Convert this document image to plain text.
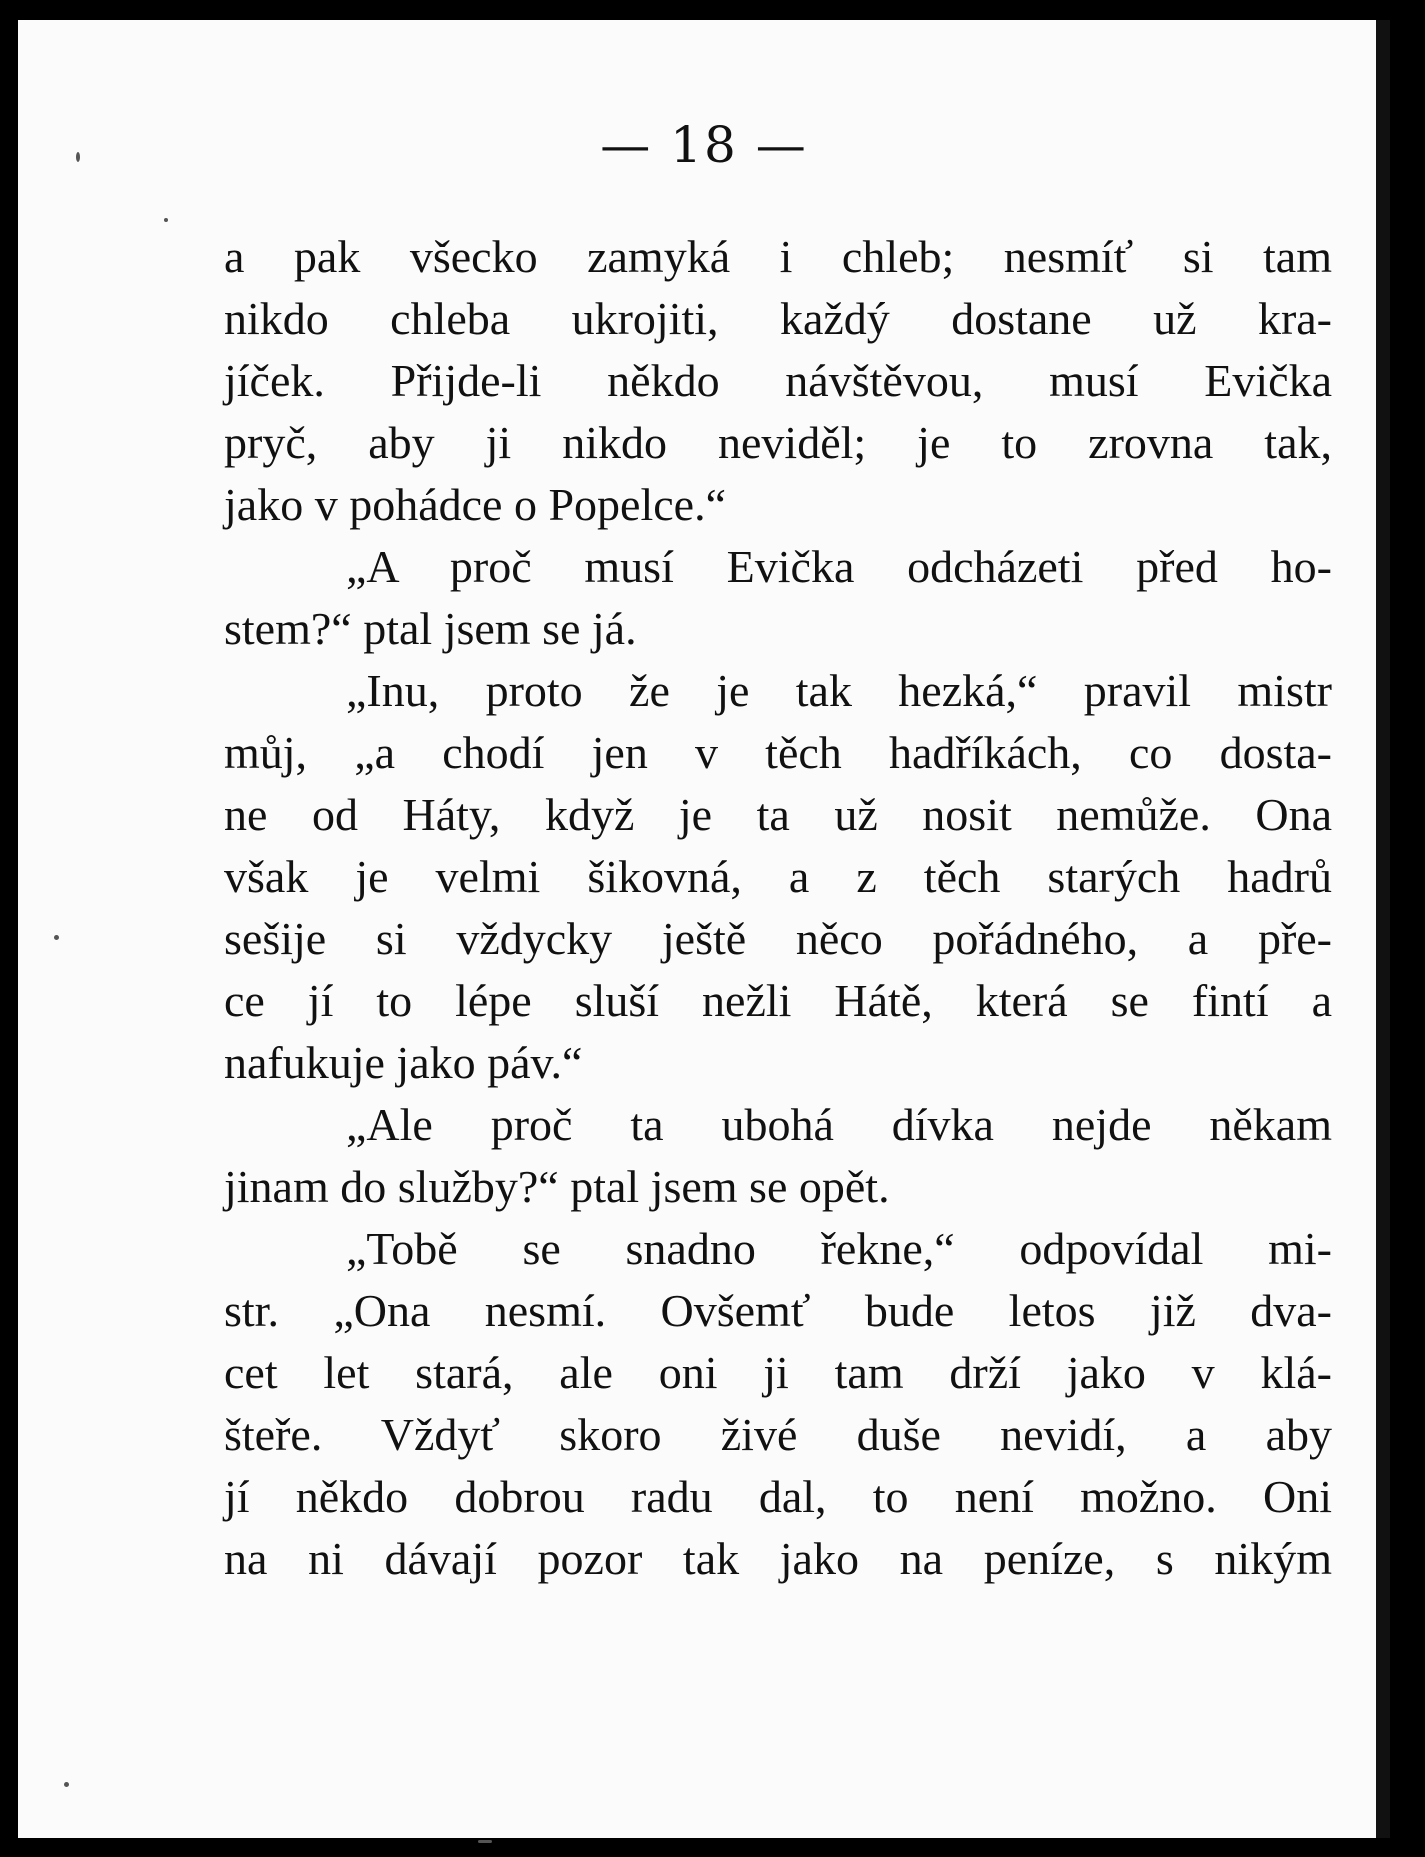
— 18 —
a pak všecko zamyká i chleb; nesmíť si tam
nikdo chleba ukrojiti, každý dostane už kra-
jíček. Přijde-li někdo návštěvou, musí Evička
pryč, aby ji nikdo neviděl; je to zrovna tak,
jako v pohádce o Popelce.“
„A proč musí Evička odcházeti před ho-
stem?“ ptal jsem se já.
„Inu, proto že je tak hezká,“ pravil mistr
můj, „a chodí jen v těch hadříkách, co dosta-
ne od Háty, když je ta už nosit nemůže. Ona
však je velmi šikovná, a z těch starých hadrů
sešije si vždycky ještě něco pořádného, a pře-
ce jí to lépe sluší nežli Hátě, která se fintí a
nafukuje jako páv.“
„Ale proč ta ubohá dívka nejde někam
jinam do služby?“ ptal jsem se opět.
„Tobě se snadno řekne,“ odpovídal mi-
str. „Ona nesmí. Ovšemť bude letos již dva-
cet let stará, ale oni ji tam drží jako v klá-
šteře. Vždyť skoro živé duše nevidí, a aby
jí někdo dobrou radu dal, to není možno. Oni
na ni dávají pozor tak jako na peníze, s nikým
